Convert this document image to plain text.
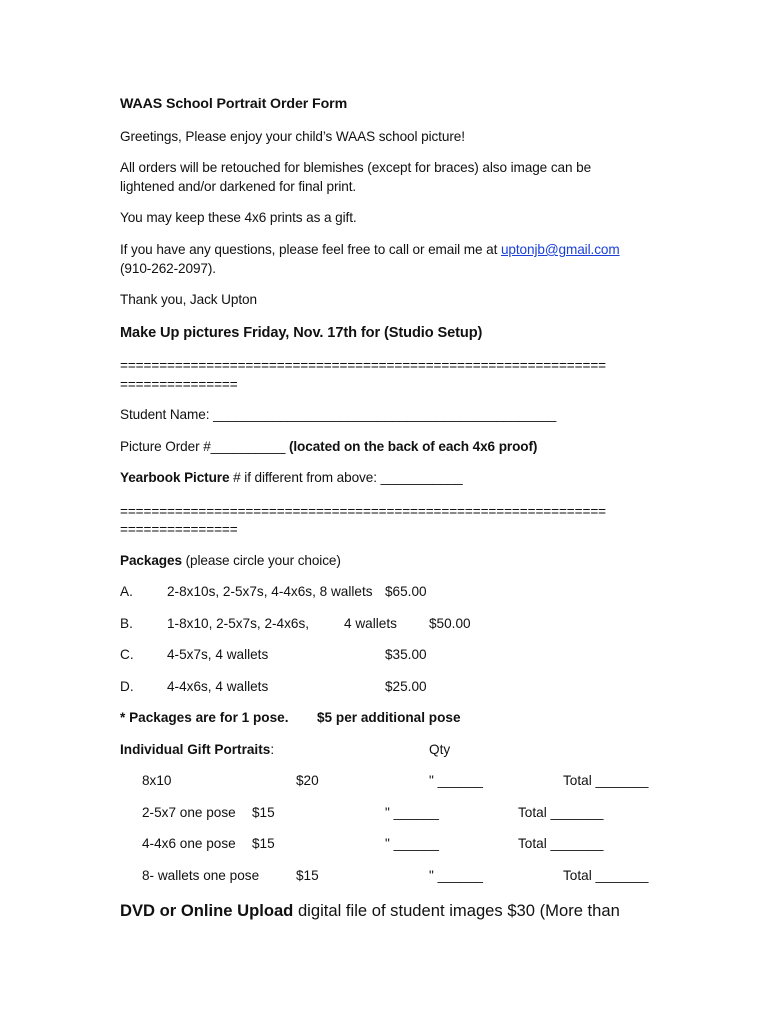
WAAS School Portrait Order Form
Greetings, Please enjoy your child’s WAAS school picture!
All orders will be retouched for blemishes (except for braces) also image can be
lightened and/or darkened for final print.
You may keep these 4x6 prints as a gift.
If you have any questions, please feel free to call or email me at uptonjb@gmail.com
(910-262-2097).
Thank you, Jack Upton
Make Up pictures Friday, Nov. 17th for (Studio Setup)
==============================================================
===============
Student Name: ______________________________________________
Picture Order #__________ (located on the back of each 4x6 proof)
Yearbook Picture # if different from above: ___________
==============================================================
===============
Packages (please circle your choice)
A.	2-8x10s, 2-5x7s, 4-4x6s, 8 wallets $65.00
B.	1-8x10, 2-5x7s, 2-4x6s,	4 wallets $50.00
C. 4-5x7s, 4 wallets	$35.00
D. 4-4x6s, 4 wallets	$25.00
* Packages are for 1 pose. $5 per additional pose
Individual Gift Portraits:	Qty
8x10	$20	" ______	Total _______
2-5x7 one pose $15	" ______	Total _______
4-4x6 one pose $15	" ______	Total _______
8- wallets one pose	$15	" ______	Total _______
DVD or Online Upload digital file of student images $30 (More than
